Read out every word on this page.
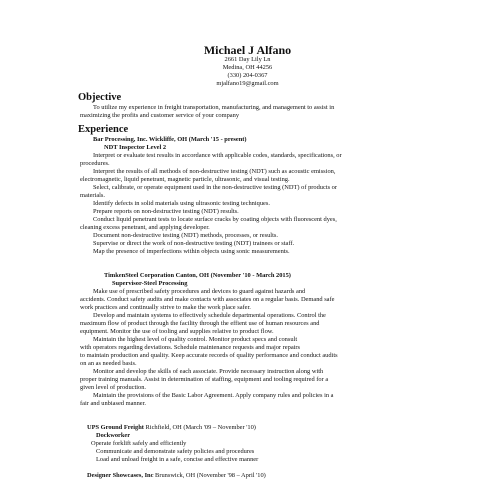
Michael J Alfano
2661 Day Lily Ln
Medina, OH 44256
(330) 204-0367
mjalfano19@gmail.com
Objective
To utilize my experience in freight transportation, manufacturing, and management to assist in
maximizing the profits and customer service of your company
Experience
Bar Processing, Inc. Wickliffe, OH (March '15 - present)
NDT Inspector Level 2
Interpret or evaluate test results in accordance with applicable codes, standards, specifications, or
procedures.
Interpret the results of all methods of non-destructive testing (NDT) such as acoustic emission,
electromagnetic, liquid penetrant, magnetic particle, ultrasonic, and visual testing.
Select, calibrate, or operate equipment used in the non-destructive testing (NDT) of products or
materials.
Identify defects in solid materials using ultrasonic testing techniques.
Prepare reports on non-destructive testing (NDT) results.
Conduct liquid penetrant tests to locate surface cracks by coating objects with fluorescent dyes,
cleaning excess penetrant, and applying developer.
Document non-destructive testing (NDT) methods, processes, or results.
Supervise or direct the work of non-destructive testing (NDT) trainees or staff.
Map the presence of imperfections within objects using sonic measurements.
TimkenSteel Corporation Canton, OH (November '10 - March 2015)
Supervisor-Steel Processing
Make use of prescribed safety procedures and devices to guard against hazards and
accidents. Conduct safety audits and make contacts with associates on a regular basis. Demand safe
work practices and continually strive to make the work place safer.
Develop and maintain systems to effectively schedule departmental operations. Control the
maximum flow of product through the facility through the effient use of human resources and
equipment. Monitor the use of tooling and supplies relative to product flow.
Maintain the highest level of quality control. Monitor product specs and consult
with operators regarding deviations. Schedule maintenance requests and major repairs
to maintain production and quality. Keep accurate records of quality performance and conduct audits
on an as needed basis.
Monitor and develop the skills of each associate. Provide necessary instruction along with
proper training manuals. Assist in determination of staffing, equipment and tooling required for a
given level of production.
Maintain the provisions of the Basic Labor Agreement. Apply company rules and policies in a
fair and unbiased manner.
UPS Ground Freight Richfield, OH (March '09 – November '10)
Dockworker
Operate forklift safely and efficiently
Communicate and demonstrate safety policies and procedures
Load and unload freight in a safe, concise and effective manner
Designer Showcases, Inc Brunswick, OH (November '98 – April '10)
